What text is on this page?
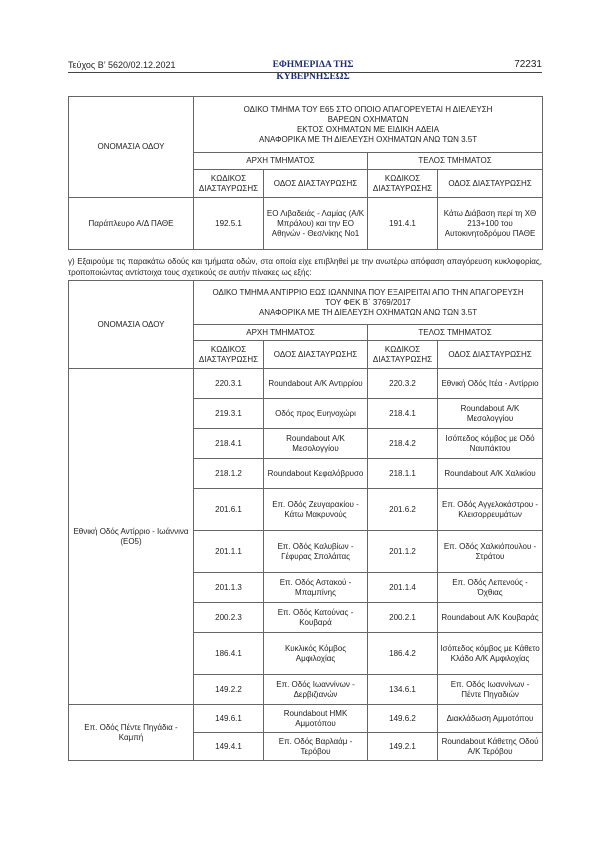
Τεύχος B’ 5620/02.12.2021	ΕΦΗΜΕΡΙΔΑ ΤΗΣ ΚΥΒΕΡΝΗΣΕΩΣ
72231
ΟΝΟΜΑΣΙΑ ΟΔΟΥ	ΟΔΙΚΟ ΤΜΗΜΑ ΤΟΥ Ε65 ΣΤΟ ΟΠΟΙΟ ΑΠΑΓΟΡΕΥΕΤΑΙ Η ΔΙΕΛΕΥΣΗ
ΒΑΡΕΩΝ ΟΧΗΜΑΤΩΝ
ΕΚΤΟΣ ΟΧΗΜΑΤΩΝ ΜΕ ΕΙΔΙΚΗ ΑΔΕΙΑ
ΑΝΑΦΟΡΙΚΑ ΜΕ ΤΗ ΔΙΕΛΕΥΣΗ ΟΧΗΜΑΤΩΝ ΑΝΩ ΤΩΝ 3.5Τ			

	ΑΡΧΗ ΤΜΗΜΑΤΟΣ		ΤΕΛΟΣ ΤΜΗΜΑΤΟΣ	
	ΚΩΔΙΚΟΣ ΔΙΑΣΤΑΥΡΩΣΗΣ	ΟΔΟΣ ΔΙΑΣΤΑΥΡΩΣΗΣ	ΚΩΔΙΚΟΣ ΔΙΑΣΤΑΥΡΩΣΗΣ	ΟΔΟΣ ΔΙΑΣΤΑΥΡΩΣΗΣ
Παράπλευρο Α/Δ ΠΑΘΕ	192.5.1	ΕΟ Λιβαδειάς - Λαμίας (Α/Κ Μπράλου) και την ΕΟ Αθηνών - Θεσ/νίκης Νο1	191.4.1	Κάτω Διάβαση περί τη ΧΘ 213+100 του Αυτοκινητοδρόμου ΠΑΘΕ
γ) Εξαιρούμε τις παρακάτω οδούς και τμήματα οδών, στα οποία είχε επιβληθεί με την ανωτέρω απόφαση απαγόρευση κυκλοφορίας, τροποποιώντας αντίστοιχα τους σχετικούς σε αυτήν πίνακες ως εξής:
ΟΝΟΜΑΣΙΑ ΟΔΟΥ	ΟΔΙΚΟ ΤΜΗΜΑ ΑΝΤΙΡΡΙΟ ΕΩΣ ΙΩΑΝΝΙΝΑ ΠΟΥ ΕΞΑΙΡΕΙΤΑΙ ΑΠΟ ΤΗΝ ΑΠΑΓΟΡΕΥΣΗ
ΤΟΥ ΦΕΚ Β΄ 3769/2017
ΑΝΑΦΟΡΙΚΑ ΜΕ ΤΗ ΔΙΕΛΕΥΣΗ ΟΧΗΜΑΤΩΝ ΑΝΩ ΤΩΝ 3.5Τ			

	ΑΡΧΗ ΤΜΗΜΑΤΟΣ		ΤΕΛΟΣ ΤΜΗΜΑΤΟΣ	
	ΚΩΔΙΚΟΣ ΔΙΑΣΤΑΥΡΩΣΗΣ	ΟΔΟΣ ΔΙΑΣΤΑΥΡΩΣΗΣ	ΚΩΔΙΚΟΣ ΔΙΑΣΤΑΥΡΩΣΗΣ	ΟΔΟΣ ΔΙΑΣΤΑΥΡΩΣΗΣ
Εθνική Οδός Αντίρριο - Ιωάννινα (ΕΟ5)	220.3.1	Roundabout Α/Κ Αντιρρίου	220.3.2	Εθνική Οδός Ιτέα - Αντίρριο
	219.3.1	Οδός προς Ευηνοχώρι	218.4.1	Roundabout Α/Κ Μεσολογγίου
	218.4.1	Roundabout Α/Κ Μεσολογγίου	218.4.2	Ισόπεδος κόμβος με Οδό Ναυπάκτου
	218.1.2	Roundabout Κεφαλόβρυσο	218.1.1	Roundabout Α/Κ Χαλικίου
	201.6.1	Επ. Οδός Ζευγαρακίου - Κάτω Μακρυνούς	201.6.2	Επ. Οδός Αγγελοκάστρου - Κλεισορρευμάτων
	201.1.1	Επ. Οδός Καλυβίων - Γέφυρας Σπολάιτας	201.1.2	Επ. Οδός Χαλκιόπουλου - Στράτου
	201.1.3	Επ. Οδός Αστακού - Μπαμπίνης	201.1.4	Επ. Οδός Λεπενούς - Όχθιας
	200.2.3	Επ. Οδός Κατούνας - Κουβαρά	200.2.1	Roundabout Α/Κ Κουβαράς
	186.4.1	Κυκλικός Κόμβος Αμφιλοχίας	186.4.2	Ισόπεδος κόμβος με Κάθετο Κλάδο Α/Κ Αμφιλοχίας
	149.2.2	Επ. Οδός Ιωαννίνων - Δερβιζιανών	134.6.1	Επ. Οδός Ιωαννίνων - Πέντε Πηγαδιών
Επ. Οδός Πέντε Πηγάδια - Καμπή	149.6.1	Roundabout ΗΜΚ Αμμοτόπου	149.6.2	Διακλάδωση Αμμοτόπου
	149.4.1	Επ. Οδός Βαρλαάμ - Τερόβου	149.2.1	Roundabout Κάθετης Οδού Α/Κ Τερόβου
